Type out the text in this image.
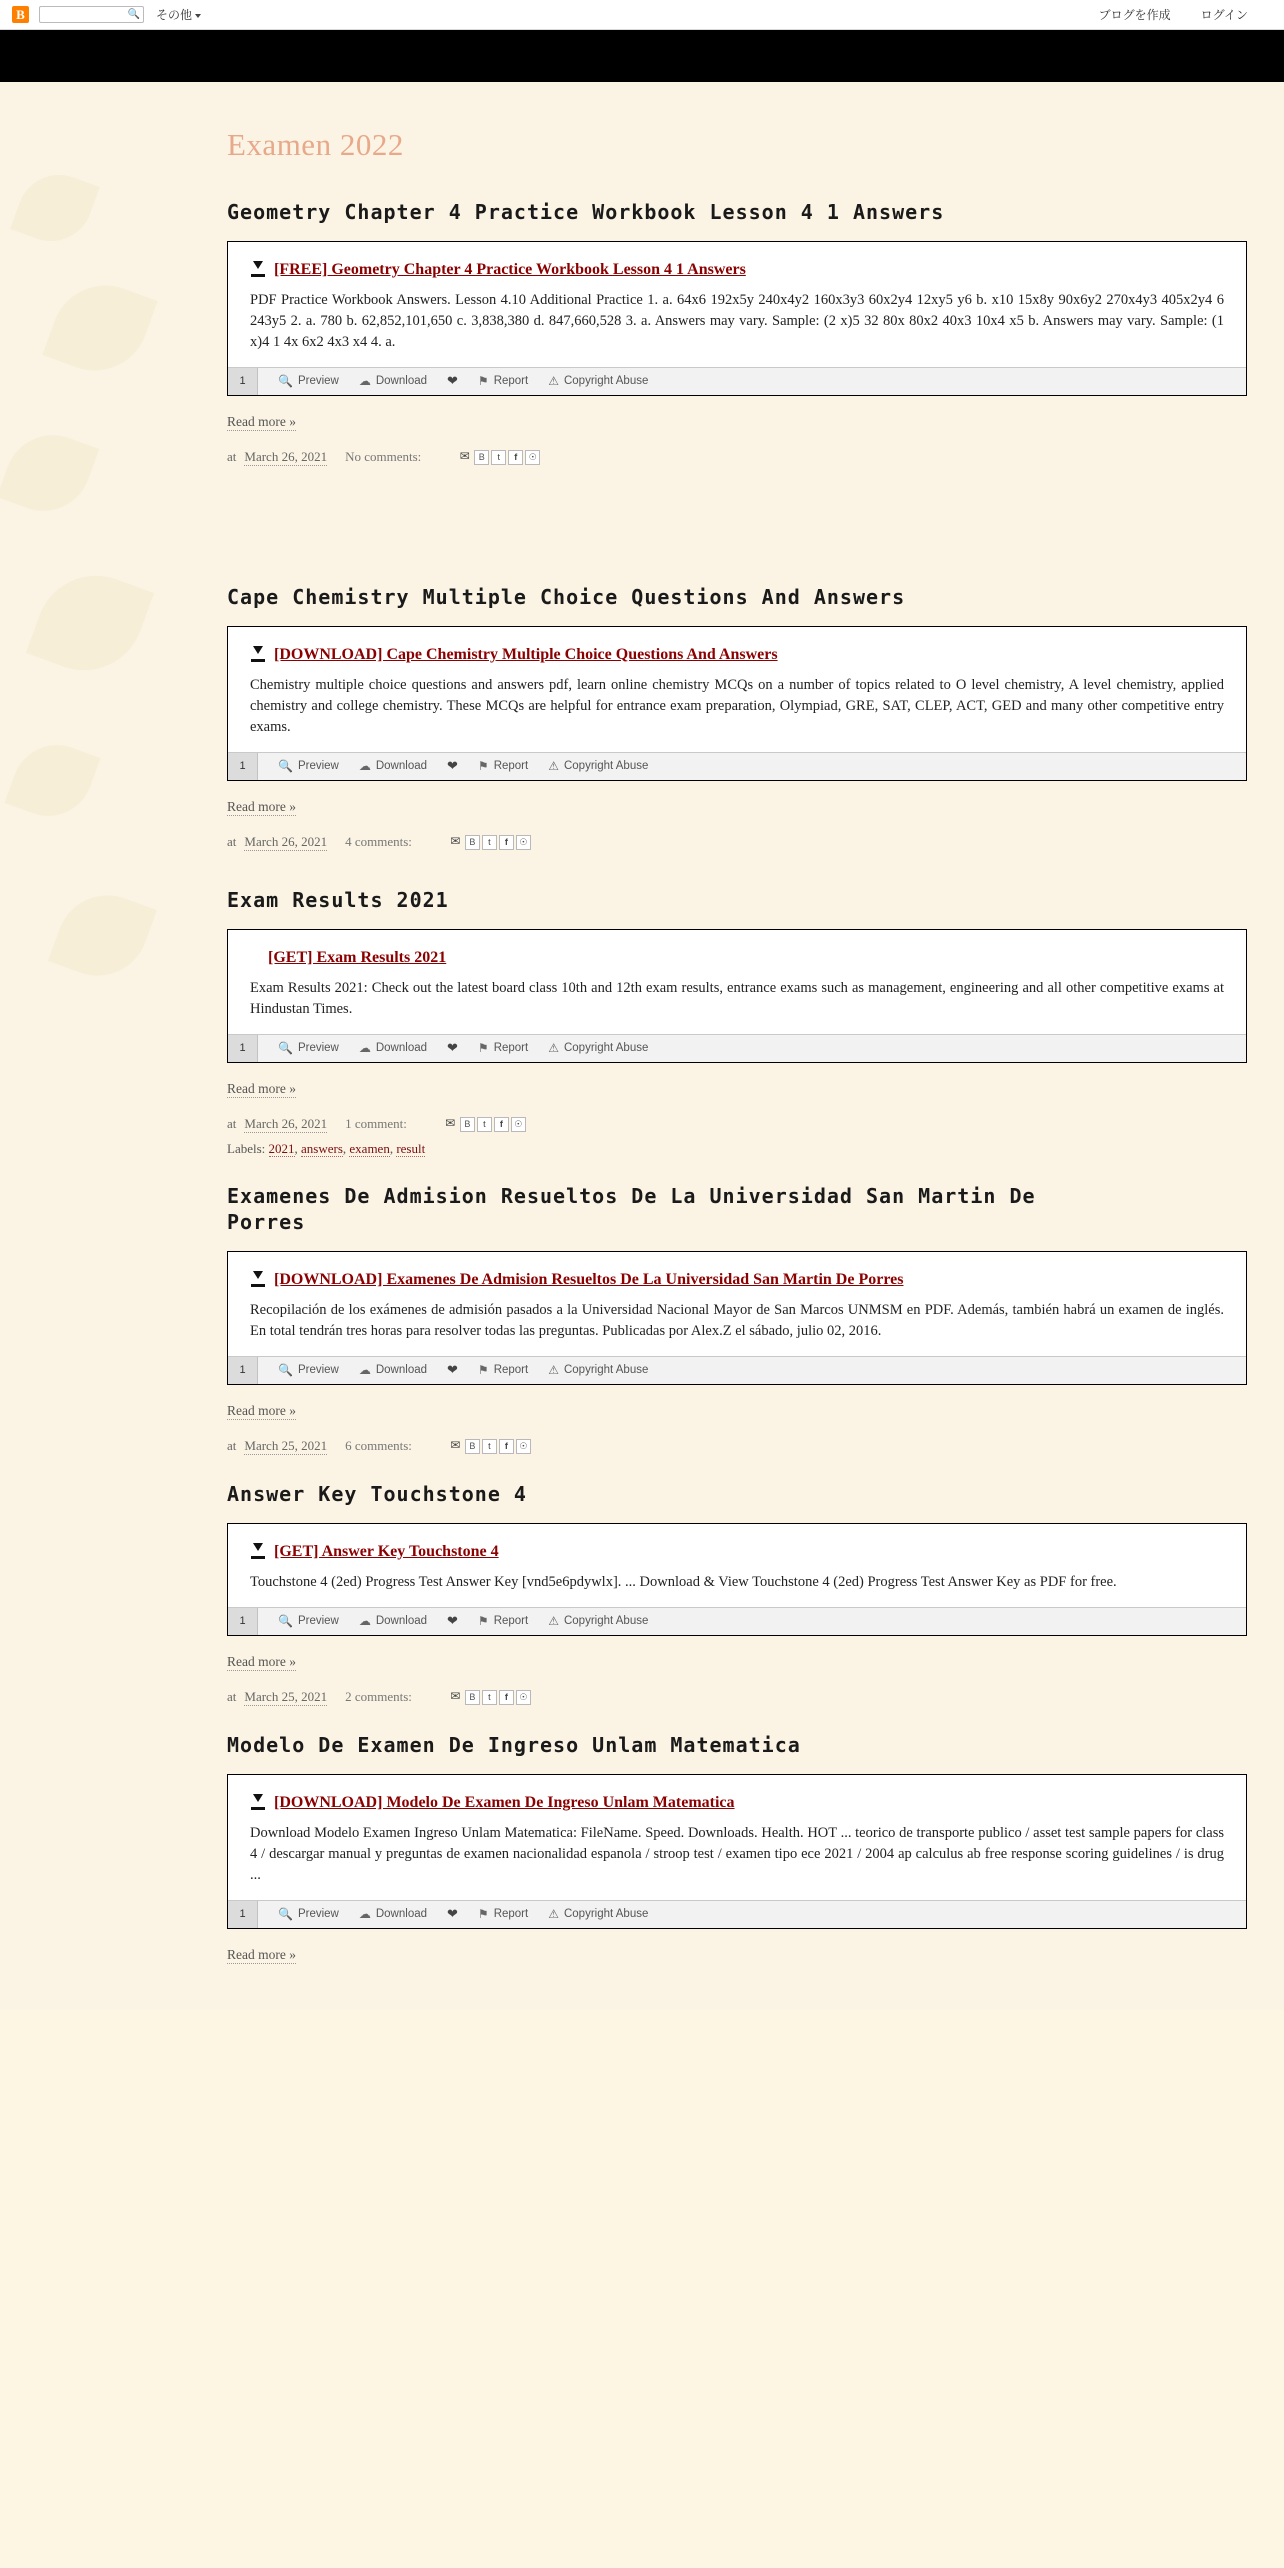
B	🔍 その他	ブログを作成	ログイン
Examen 2022
Geometry Chapter 4 Practice Workbook Lesson 4 1 Answers
[FREE] Geometry Chapter 4 Practice Workbook Lesson 4 1 Answers
PDF Practice Workbook Answers. Lesson 4.10 Additional Practice 1. a. 64x6 192x5y 240x4y2 160x3y3 60x2y4 12xy5 y6 b. x10 15x8y 90x6y2 270x4y3 405x2y4 6 243y5 2. a. 780 b. 62,852,101,650 c. 3,838,380 d. 847,660,528 3. a. Answers may vary. Sample: (2 x)5 32 80x 80x2 40x3 10x4 x5 b. Answers may vary. Sample: (1 x)4 1 4x 6x2 4x3 x4 4. a.
1	🔍 Preview ☁ Download ❤ ⚑ Report ⚠ Copyright Abuse
Read more »
at March 26, 2021 No comments:	✉ B	t	f	☉
Cape Chemistry Multiple Choice Questions And Answers
[DOWNLOAD] Cape Chemistry Multiple Choice Questions And Answers
Chemistry multiple choice questions and answers pdf, learn online chemistry MCQs on a number of topics related to O level chemistry, A level chemistry, applied chemistry and college chemistry. These MCQs are helpful for entrance exam preparation, Olympiad, GRE, SAT, CLEP, ACT, GED and many other competitive entry exams.
1	🔍 Preview ☁ Download ❤ ⚑ Report ⚠ Copyright Abuse
Read more »
at March 26, 2021 4 comments:	✉ B	t	f	☉
Exam Results 2021
[GET] Exam Results 2021
Exam Results 2021: Check out the latest board class 10th and 12th exam results, entrance exams such as management, engineering and all other competitive exams at Hindustan Times.
1	🔍 Preview ☁ Download ❤ ⚑ Report ⚠ Copyright Abuse
Read more »
at March 26, 2021 1 comment:	✉ B	t	f	☉
Labels: 2021, answers, examen, result
Examenes De Admision Resueltos De La Universidad San Martin De Porres
[DOWNLOAD] Examenes De Admision Resueltos De La Universidad San Martin De Porres
Recopilación de los exámenes de admisión pasados a la Universidad Nacional Mayor de San Marcos UNMSM en PDF. Además, también habrá un examen de inglés. En total tendrán tres horas para resolver todas las preguntas. Publicadas por Alex.Z el sábado, julio 02, 2016.
1	🔍 Preview ☁ Download ❤ ⚑ Report ⚠ Copyright Abuse
Read more »
at March 25, 2021 6 comments:	✉ B	t	f	☉
Answer Key Touchstone 4
[GET] Answer Key Touchstone 4
Touchstone 4 (2ed) Progress Test Answer Key [vnd5e6pdywlx]. ... Download & View Touchstone 4 (2ed) Progress Test Answer Key as PDF for free.
1	🔍 Preview ☁ Download ❤ ⚑ Report ⚠ Copyright Abuse
Read more »
at March 25, 2021 2 comments:	✉ B	t	f	☉
Modelo De Examen De Ingreso Unlam Matematica
[DOWNLOAD] Modelo De Examen De Ingreso Unlam Matematica
Download Modelo Examen Ingreso Unlam Matematica: FileName. Speed. Downloads. Health. HOT ... teorico de transporte publico / asset test sample papers for class 4 / descargar manual y preguntas de examen nacionalidad espanola / stroop test / examen tipo ece 2021 / 2004 ap calculus ab free response scoring guidelines / is drug ...
1	🔍 Preview ☁ Download ❤ ⚑ Report ⚠ Copyright Abuse
Read more »
